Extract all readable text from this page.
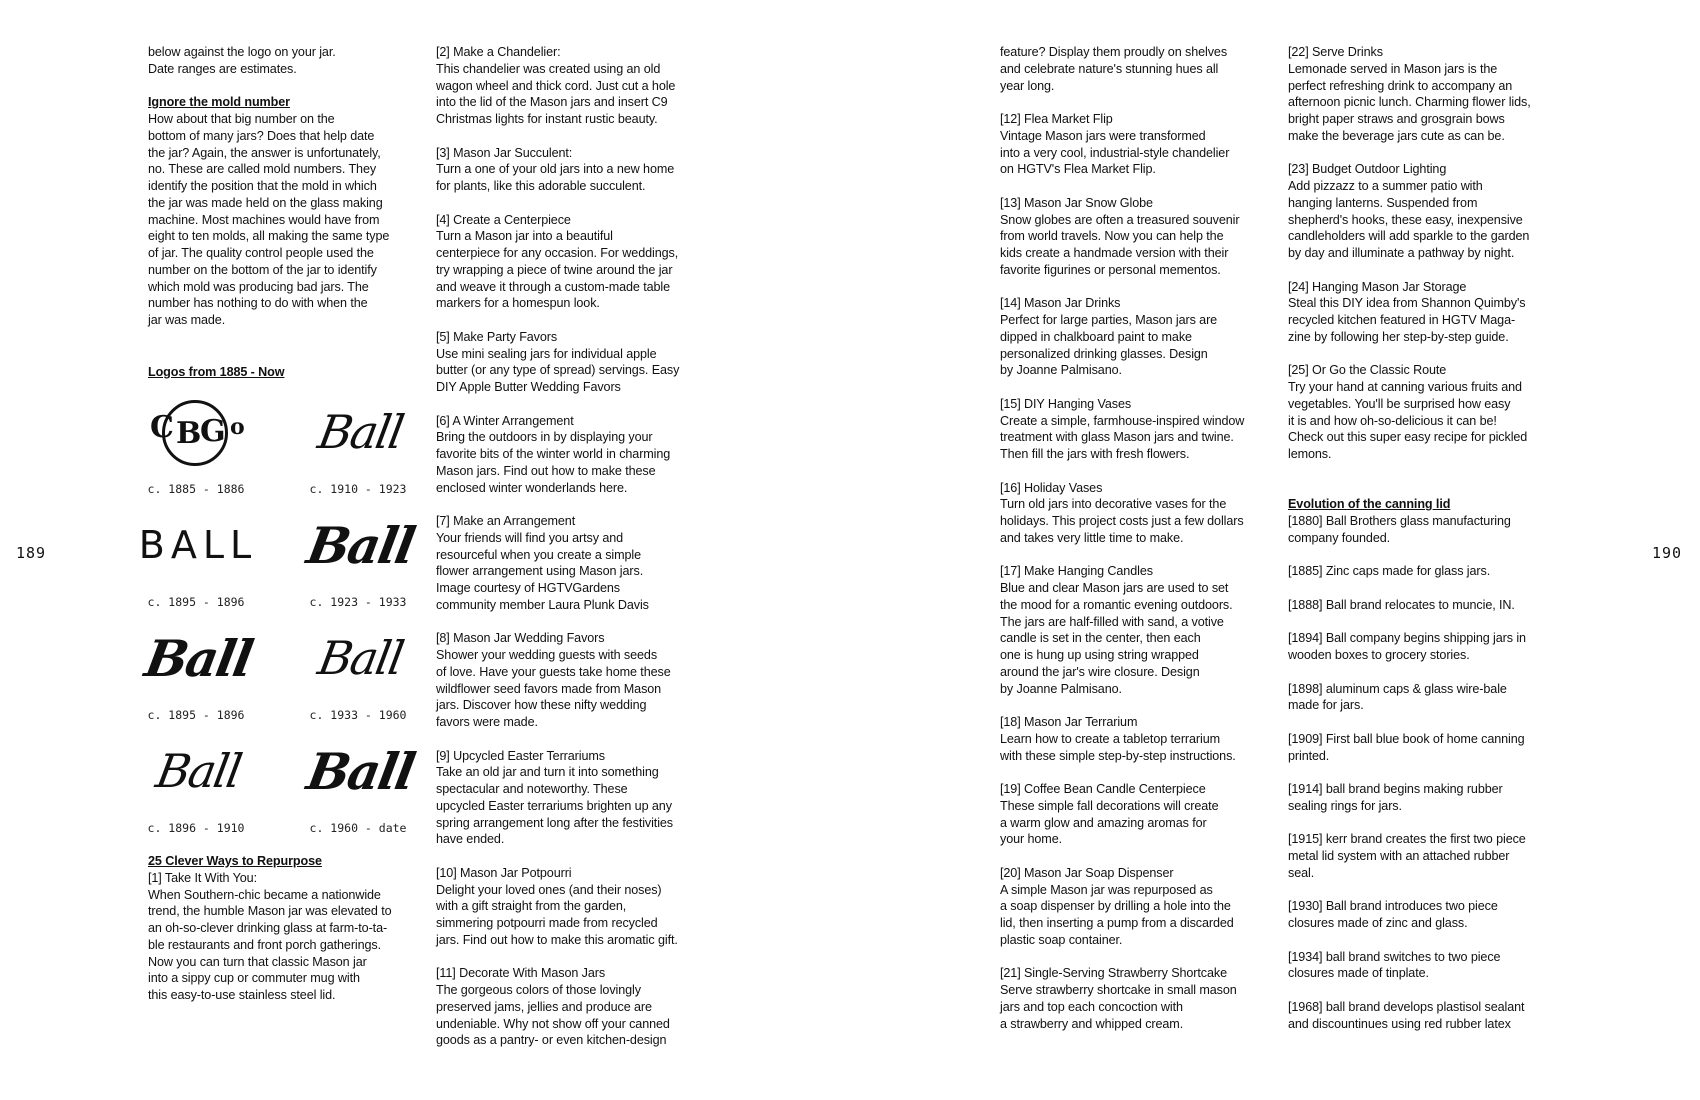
189	190

below against the logo on your jar.

Date ranges are estimates.

Ignore the mold number

How about that big number on the

bottom of many jars? Does that help date

the jar? Again, the answer is unfortunately,

no. These are called mold numbers. They

identify the position that the mold in which

the jar was made held on the glass making

machine. Most machines would have from

eight to ten molds, all making the same type

of jar. The quality control people used the

number on the bottom of the jar to identify

which mold was producing bad jars. The

number has nothing to do with when the

jar was made.

Logos from 1885 - Now

C B
G o
c. 1885 - 1886
Ball
c. 1910 - 1923
BALL
c. 1895 - 1896
Ball
c. 1923 - 1933
Ball
c. 1895 - 1896
Ball
c. 1933 - 1960
Ball
c. 1896 - 1910
Ball
c. 1960 - date

25 Clever Ways to Repurpose

[1] Take It With You:

When Southern-chic became a nationwide

trend, the humble Mason jar was elevated to

an oh-so-clever drinking glass at farm-to-ta-

ble restaurants and front porch gatherings.

Now you can turn that classic Mason jar

into a sippy cup or commuter mug with

this easy-to-use stainless steel lid.

[2] Make a Chandelier:

This chandelier was created using an old

wagon wheel and thick cord. Just cut a hole

into the lid of the Mason jars and insert C9

Christmas lights for instant rustic beauty.

[3] Mason Jar Succulent:

Turn a one of your old jars into a new home

for plants, like this adorable succulent.

[4] Create a Centerpiece

Turn a Mason jar into a beautiful

centerpiece for any occasion. For weddings,

try wrapping a piece of twine around the jar

and weave it through a custom-made table

markers for a homespun look.

[5] Make Party Favors

Use mini sealing jars for individual apple

butter (or any type of spread) servings. Easy

DIY Apple Butter Wedding Favors

[6] A Winter Arrangement

Bring the outdoors in by displaying your

favorite bits of the winter world in charming

Mason jars. Find out how to make these

enclosed winter wonderlands here.

[7] Make an Arrangement

Your friends will find you artsy and

resourceful when you create a simple

flower arrangement using Mason jars.

Image courtesy of HGTVGardens

community member Laura Plunk Davis

[8] Mason Jar Wedding Favors

Shower your wedding guests with seeds

of love. Have your guests take home these

wildflower seed favors made from Mason

jars. Discover how these nifty wedding

favors were made.

[9] Upcycled Easter Terrariums

Take an old jar and turn it into something

spectacular and noteworthy. These

upcycled Easter terrariums brighten up any

spring arrangement long after the festivities

have ended.

[10] Mason Jar Potpourri

Delight your loved ones (and their noses)

with a gift straight from the garden,

simmering potpourri made from recycled

jars. Find out how to make this aromatic gift.

[11] Decorate With Mason Jars

The gorgeous colors of those lovingly

preserved jams, jellies and produce are

undeniable. Why not show off your canned

goods as a pantry- or even kitchen-design

feature? Display them proudly on shelves

and celebrate nature's stunning hues all

year long.

[12] Flea Market Flip

Vintage Mason jars were transformed

into a very cool, industrial-style chandelier

on HGTV's Flea Market Flip.

[13] Mason Jar Snow Globe

Snow globes are often a treasured souvenir

from world travels. Now you can help the

kids create a handmade version with their

favorite figurines or personal mementos.

[14] Mason Jar Drinks

Perfect for large parties, Mason jars are

dipped in chalkboard paint to make

personalized drinking glasses. Design

by Joanne Palmisano.

[15] DIY Hanging Vases

Create a simple, farmhouse-inspired window

treatment with glass Mason jars and twine.

Then fill the jars with fresh flowers.

[16] Holiday Vases

Turn old jars into decorative vases for the

holidays. This project costs just a few dollars

and takes very little time to make.

[17] Make Hanging Candles

Blue and clear Mason jars are used to set

the mood for a romantic evening outdoors.

The jars are half-filled with sand, a votive

candle is set in the center, then each

one is hung up using string wrapped

around the jar's wire closure. Design

by Joanne Palmisano.

[18] Mason Jar Terrarium

Learn how to create a tabletop terrarium

with these simple step-by-step instructions.

[19] Coffee Bean Candle Centerpiece

These simple fall decorations will create

a warm glow and amazing aromas for

your home.

[20] Mason Jar Soap Dispenser

A simple Mason jar was repurposed as

a soap dispenser by drilling a hole into the

lid, then inserting a pump from a discarded

plastic soap container.

[21] Single-Serving Strawberry Shortcake

Serve strawberry shortcake in small mason

jars and top each concoction with

a strawberry and whipped cream.

[22] Serve Drinks

Lemonade served in Mason jars is the

perfect refreshing drink to accompany an

afternoon picnic lunch. Charming flower lids,

bright paper straws and grosgrain bows

make the beverage jars cute as can be.

[23] Budget Outdoor Lighting

Add pizzazz to a summer patio with

hanging lanterns. Suspended from

shepherd's hooks, these easy, inexpensive

candleholders will add sparkle to the garden

by day and illuminate a pathway by night.

[24] Hanging Mason Jar Storage

Steal this DIY idea from Shannon Quimby's

recycled kitchen featured in HGTV Maga-

zine by following her step-by-step guide.

[25] Or Go the Classic Route

Try your hand at canning various fruits and

vegetables. You'll be surprised how easy

it is and how oh-so-delicious it can be!

Check out this super easy recipe for pickled

lemons.

Evolution of the canning lid

[1880] Ball Brothers glass manufacturing

company founded.

[1885] Zinc caps made for glass jars.

[1888] Ball brand relocates to muncie, IN.

[1894] Ball company begins shipping jars in

wooden boxes to grocery stories.

[1898] aluminum caps & glass wire-bale

made for jars.

[1909] First ball blue book of home canning

printed.

[1914] ball brand begins making rubber

sealing rings for jars.

[1915] kerr brand creates the first two piece

metal lid system with an attached rubber

seal.

[1930] Ball brand introduces two piece

closures made of zinc and glass.

[1934] ball brand switches to two piece

closures made of tinplate.

[1968] ball brand develops plastisol sealant

and discountinues using red rubber latex
